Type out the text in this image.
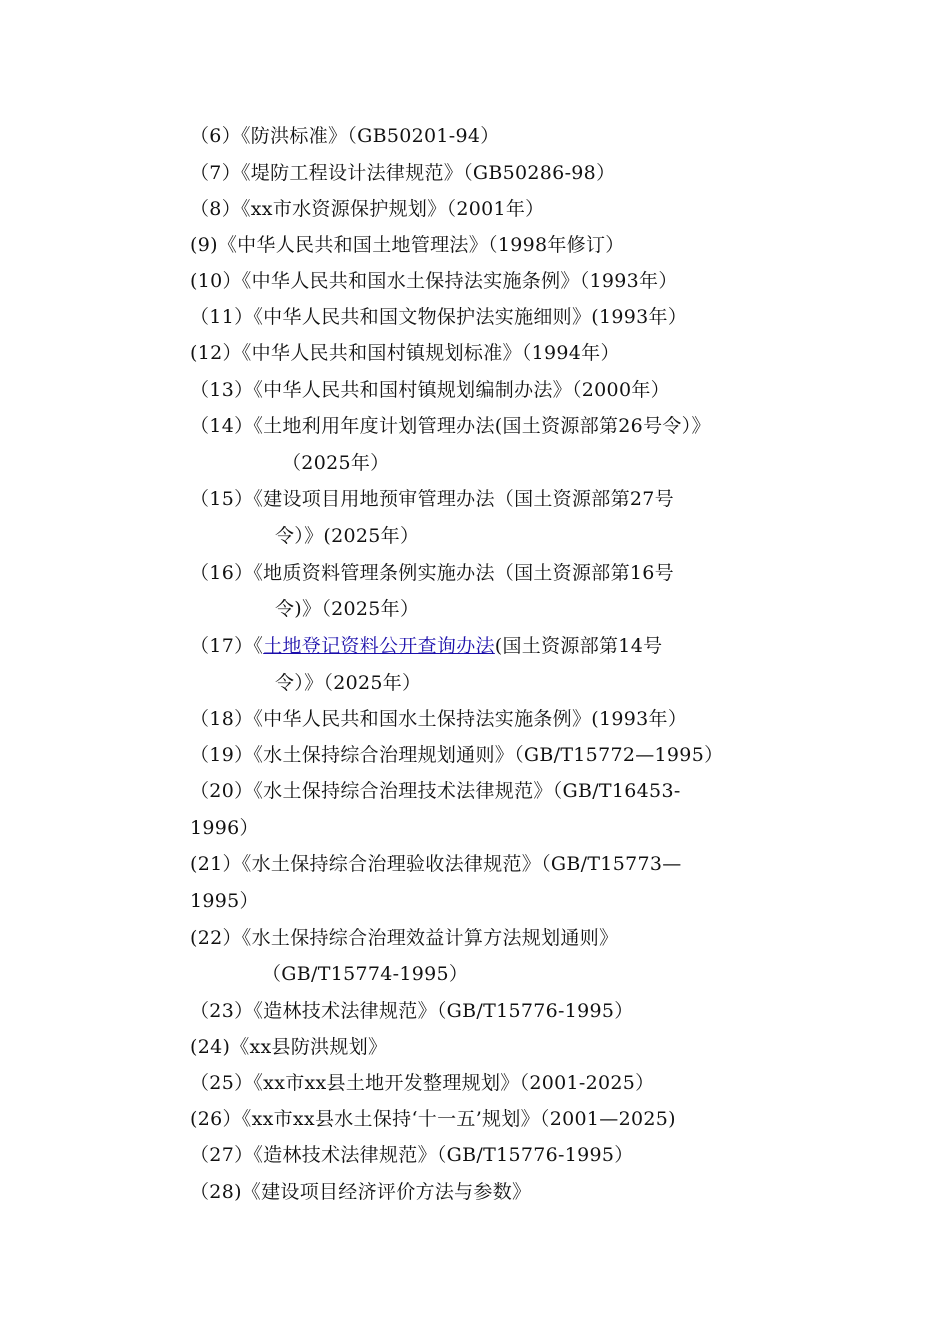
（6）《防洪标准》（GB50201-94）
（7）《堤防工程设计法律规范》（GB50286-98）
（8）《xx市水资源保护规划》（2001年）
(9)《中华人民共和国土地管理法》（1998年修订）
(10）《中华人民共和国水土保持法实施条例》（1993年）
（11）《中华人民共和国文物保护法实施细则》(1993年）
(12）《中华人民共和国村镇规划标准》（1994年）
（13）《中华人民共和国村镇规划编制办法》（2000年）
（14）《土地利用年度计划管理办法(国土资源部第26号令）》
（2025年）
（15）《建设项目用地预审管理办法（国土资源部第27号
令）》(2025年）
（16）《地质资料管理条例实施办法（国土资源部第16号
令)》（2025年）
（17）《土地登记资料公开查询办法(国土资源部第14号
令）》（2025年）
（18）《中华人民共和国水土保持法实施条例》(1993年）
（19）《水土保持综合治理规划通则》（GB/T15772—1995）
（20）《水土保持综合治理技术法律规范》（GB/T16453-
1996）
(21）《水土保持综合治理验收法律规范》（GB/T15773—
1995）
(22）《水土保持综合治理效益计算方法规划通则》
（GB/T15774-1995）
（23）《造林技术法律规范》（GB/T15776-1995）
(24)《xx县防洪规划》
（25）《xx市xx县土地开发整理规划》（2001-2025）
(26）《xx市xx县水土保持‘十一五’规划》（2001—2025)
（27）《造林技术法律规范》（GB/T15776-1995）
（28)《建设项目经济评价方法与参数》
